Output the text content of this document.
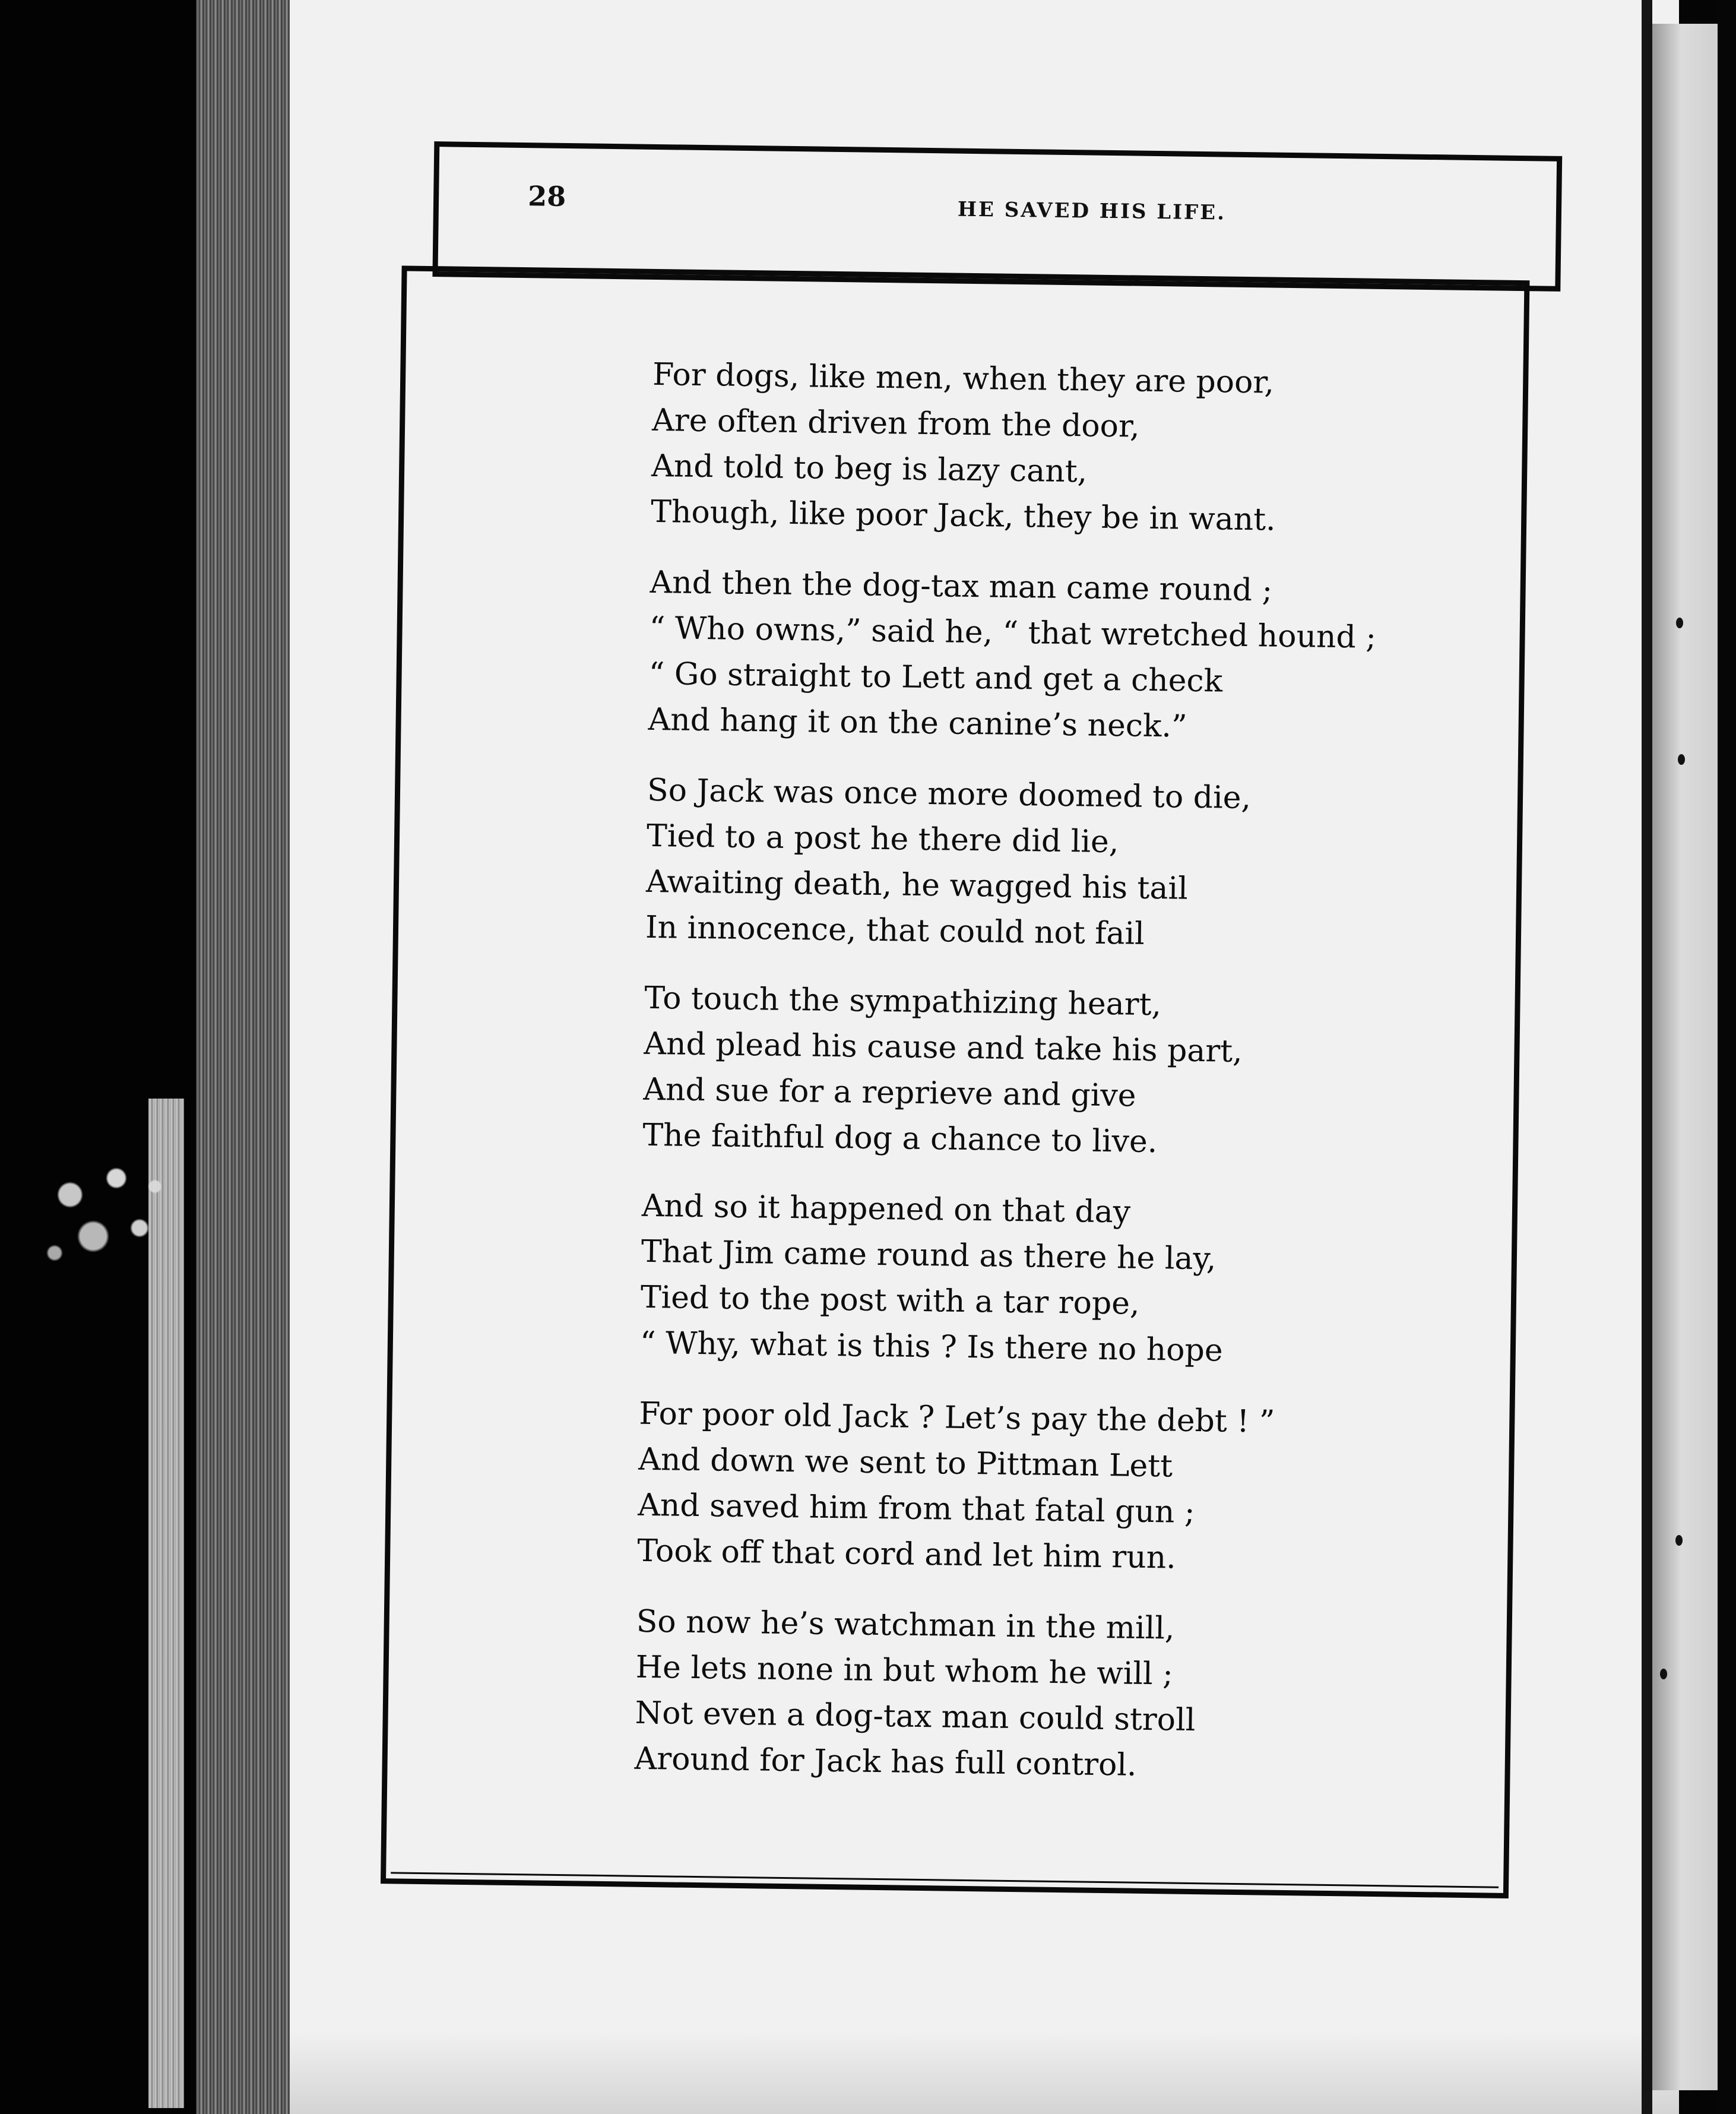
28	HE SAVED HIS LIFE.
For dogs, like men, when they are poor,
Are often driven from the door,
And told to beg is lazy cant,
Though, like poor Jack, they be in want.
And then the dog-tax man came round ;
“ Who owns,” said he, “ that wretched hound ;
“ Go straight to Lett and get a check
And hang it on the canine’s neck.”
So Jack was once more doomed to die,
Tied to a post he there did lie,
Awaiting death, he wagged his tail
In innocence, that could not fail
To touch the sympathizing heart,
And plead his cause and take his part,
And sue for a reprieve and give
The faithful dog a chance to live.
And so it happened on that day
That Jim came round as there he lay,
Tied to the post with a tar rope,
“ Why, what is this ? Is there no hope
For poor old Jack ? Let’s pay the debt ! ”
And down we sent to Pittman Lett
And saved him from that fatal gun ;
Took off that cord and let him run.
So now he’s watchman in the mill,
He lets none in but whom he will ;
Not even a dog-tax man could stroll
Around for Jack has full control.
